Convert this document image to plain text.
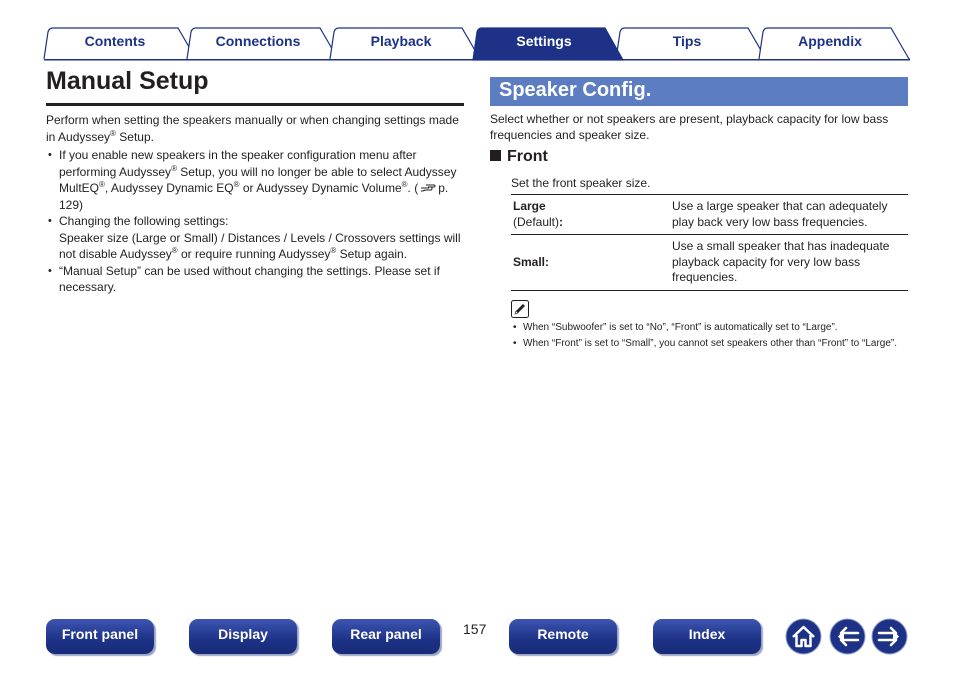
Contents	Connections	Playback	Settings	Tips	Appendix
Manual Setup
Perform when setting the speakers manually or when changing settings made in Audyssey® Setup.
• If you enable new speakers in the speaker configuration menu after performing Audyssey® Setup, you will no longer be able to select Audyssey MultEQ®, Audyssey Dynamic EQ® or Audyssey Dynamic Volume®. ( p. 129)
• Changing the following settings:
Speaker size (Large or Small) / Distances / Levels / Crossovers settings will not disable Audyssey® or require running Audyssey® Setup again.
• “Manual Setup” can be used without changing the settings. Please set if necessary.
Speaker Config.
Select whether or not speakers are present, playback capacity for low bass frequencies and speaker size.
Front
Set the front speaker size.
Large
(Default):	Use a large speaker that can adequately play back very low bass frequencies.
Small:	Use a small speaker that has inadequate playback capacity for very low bass frequencies.
• When “Subwoofer” is set to “No”, “Front” is automatically set to “Large”.
• When “Front” is set to “Small”, you cannot set speakers other than “Front” to “Large”.
Front panel	Display	Rear panel	157	Remote	Index
